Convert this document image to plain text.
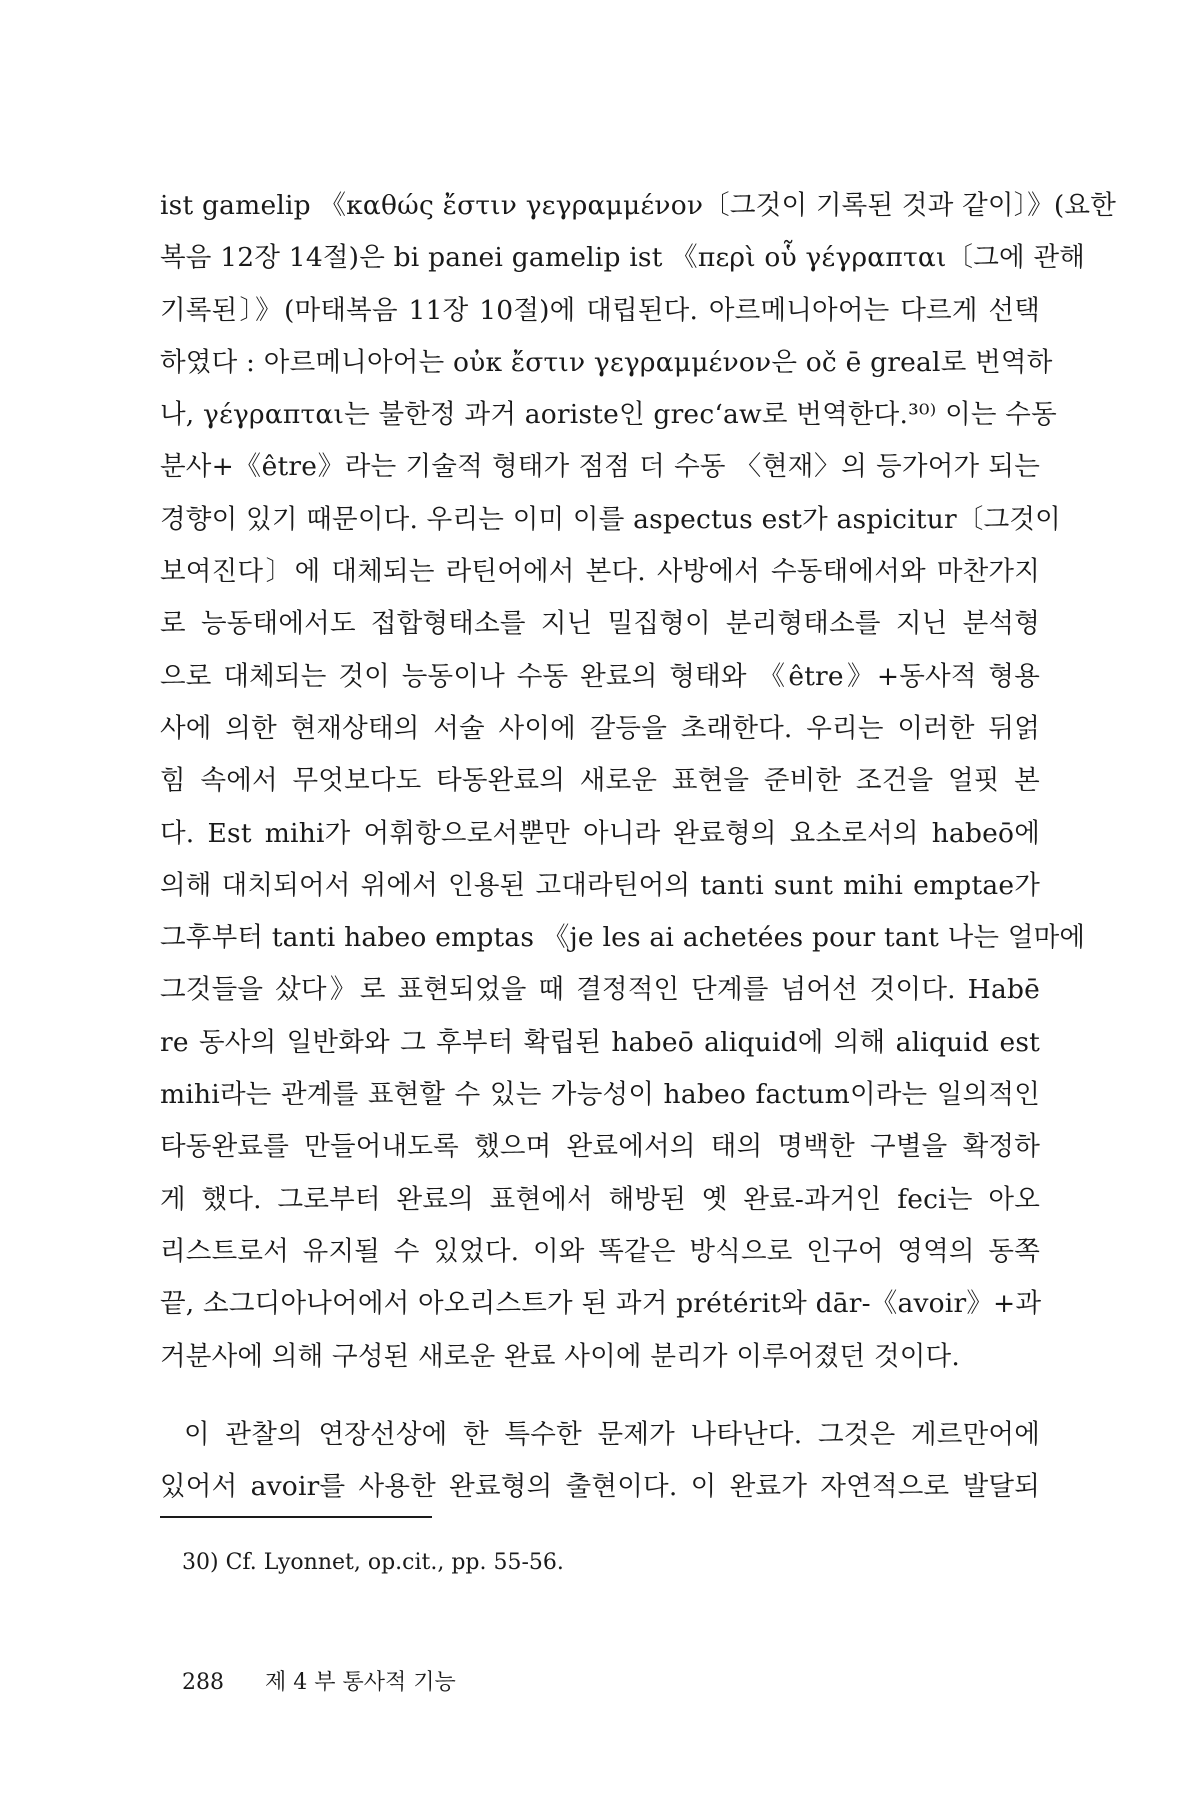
ist gamelip 《καθώς ἔστιν γεγραμμένον〔그것이 기록된 것과 같이〕》(요한
복음 12장 14절)은 bi panei gamelip ist 《περὶ οὗ γέγραπται〔그에 관해
기록된〕》(마태복음 11장 10절)에 대립된다. 아르메니아어는 다르게 선택
하였다 : 아르메니아어는 οὐκ ἔστιν γεγραμμένον은 oč ē greal로 번역하
나, γέγραπται는 불한정 과거 aoriste인 grecʻaw로 번역한다.³⁰⁾ 이는 수동
분사+《être》라는 기술적 형태가 점점 더 수동 〈현재〉의 등가어가 되는
경향이 있기 때문이다. 우리는 이미 이를 aspectus est가 aspicitur〔그것이
보여진다〕에 대체되는 라틴어에서 본다. 사방에서 수동태에서와 마찬가지
로 능동태에서도 접합형태소를 지닌 밀집형이 분리형태소를 지닌 분석형
으로 대체되는 것이 능동이나 수동 완료의 형태와 《être》+동사적 형용
사에 의한 현재상태의 서술 사이에 갈등을 초래한다. 우리는 이러한 뒤얽
힘 속에서 무엇보다도 타동완료의 새로운 표현을 준비한 조건을 얼핏 본
다. Est mihi가 어휘항으로서뿐만 아니라 완료형의 요소로서의 habeō에
의해 대치되어서 위에서 인용된 고대라틴어의 tanti sunt mihi emptae가
그후부터 tanti habeo emptas 《je les ai achetées pour tant 나는 얼마에
그것들을 샀다》로 표현되었을 때 결정적인 단계를 넘어선 것이다. Habē
re 동사의 일반화와 그 후부터 확립된 habeō aliquid에 의해 aliquid est
mihi라는 관계를 표현할 수 있는 가능성이 habeo factum이라는 일의적인
타동완료를 만들어내도록 했으며 완료에서의 태의 명백한 구별을 확정하
게 했다. 그로부터 완료의 표현에서 해방된 옛 완료-과거인 feci는 아오
리스트로서 유지될 수 있었다. 이와 똑같은 방식으로 인구어 영역의 동쪽
끝, 소그디아나어에서 아오리스트가 된 과거 prétérit와 dār-《avoir》+과
거분사에 의해 구성된 새로운 완료 사이에 분리가 이루어졌던 것이다.
이 관찰의 연장선상에 한 특수한 문제가 나타난다. 그것은 게르만어에
있어서 avoir를 사용한 완료형의 출현이다. 이 완료가 자연적으로 발달되
30) Cf. Lyonnet, op.cit., pp. 55-56.
288 제 4 부 통사적 기능
